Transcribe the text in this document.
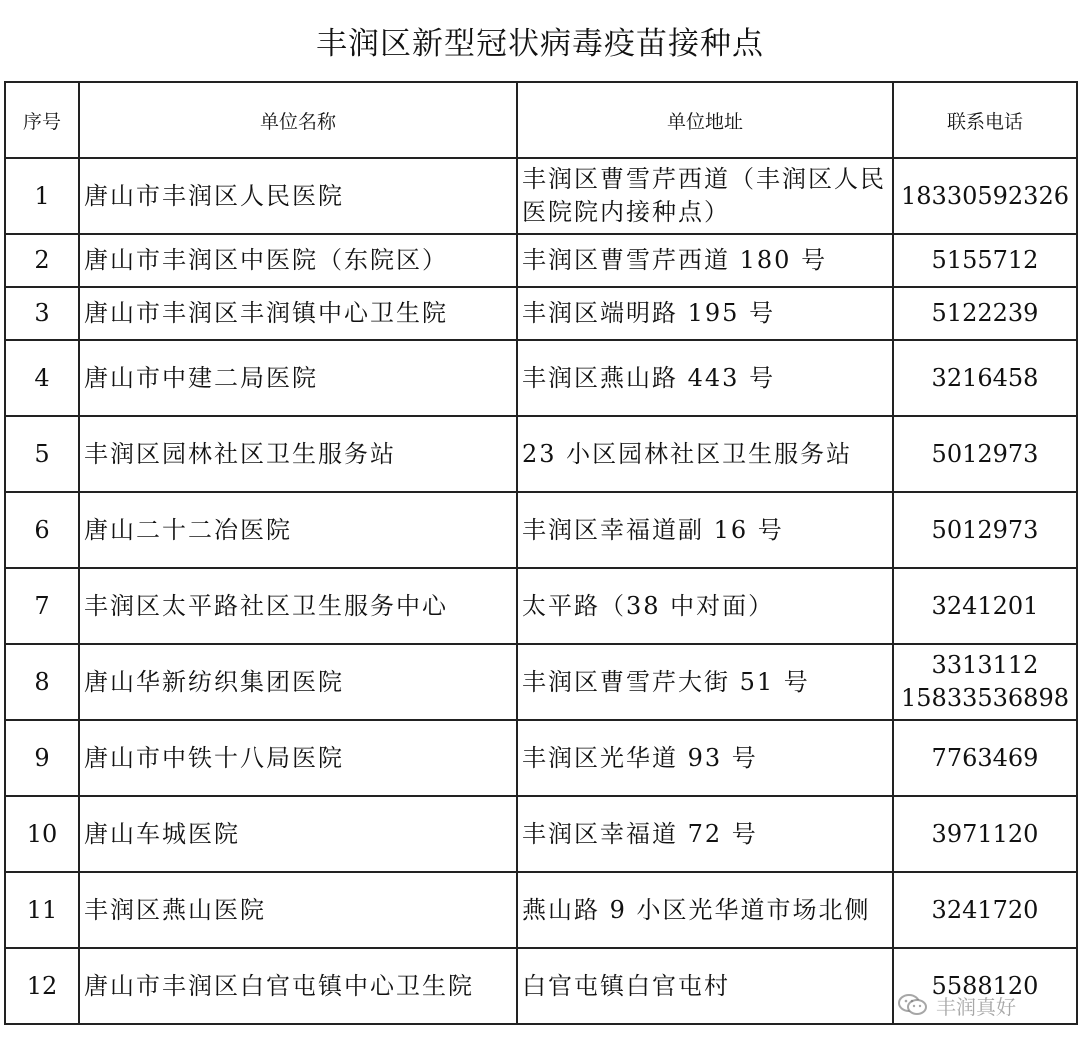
丰润区新型冠状病毒疫苗接种点
序号	单位名称	单位地址	联系电话
1	唐山市丰润区人民医院	丰润区曹雪芹西道（丰润区人民医院院内接种点）	18330592326

2	唐山市丰润区中医院（东院区）	丰润区曹雪芹西道 180 号	5155712

3	唐山市丰润区丰润镇中心卫生院	丰润区端明路 195 号	5122239

4	唐山市中建二局医院	丰润区燕山路 443 号	3216458

5	丰润区园林社区卫生服务站	23 小区园林社区卫生服务站	5012973

6	唐山二十二冶医院	丰润区幸福道副 16 号	5012973

7	丰润区太平路社区卫生服务中心	太平路（38 中对面）	3241201

8	唐山华新纺织集团医院	丰润区曹雪芹大街 51 号	3313112
15833536898

9	唐山市中铁十八局医院	丰润区光华道 93 号	7763469

10	唐山车城医院	丰润区幸福道 72 号	3971120

11	丰润区燕山医院	燕山路 9 小区光华道市场北侧	3241720

12	唐山市丰润区白官屯镇中心卫生院	白官屯镇白官屯村	5588120
丰润真好
